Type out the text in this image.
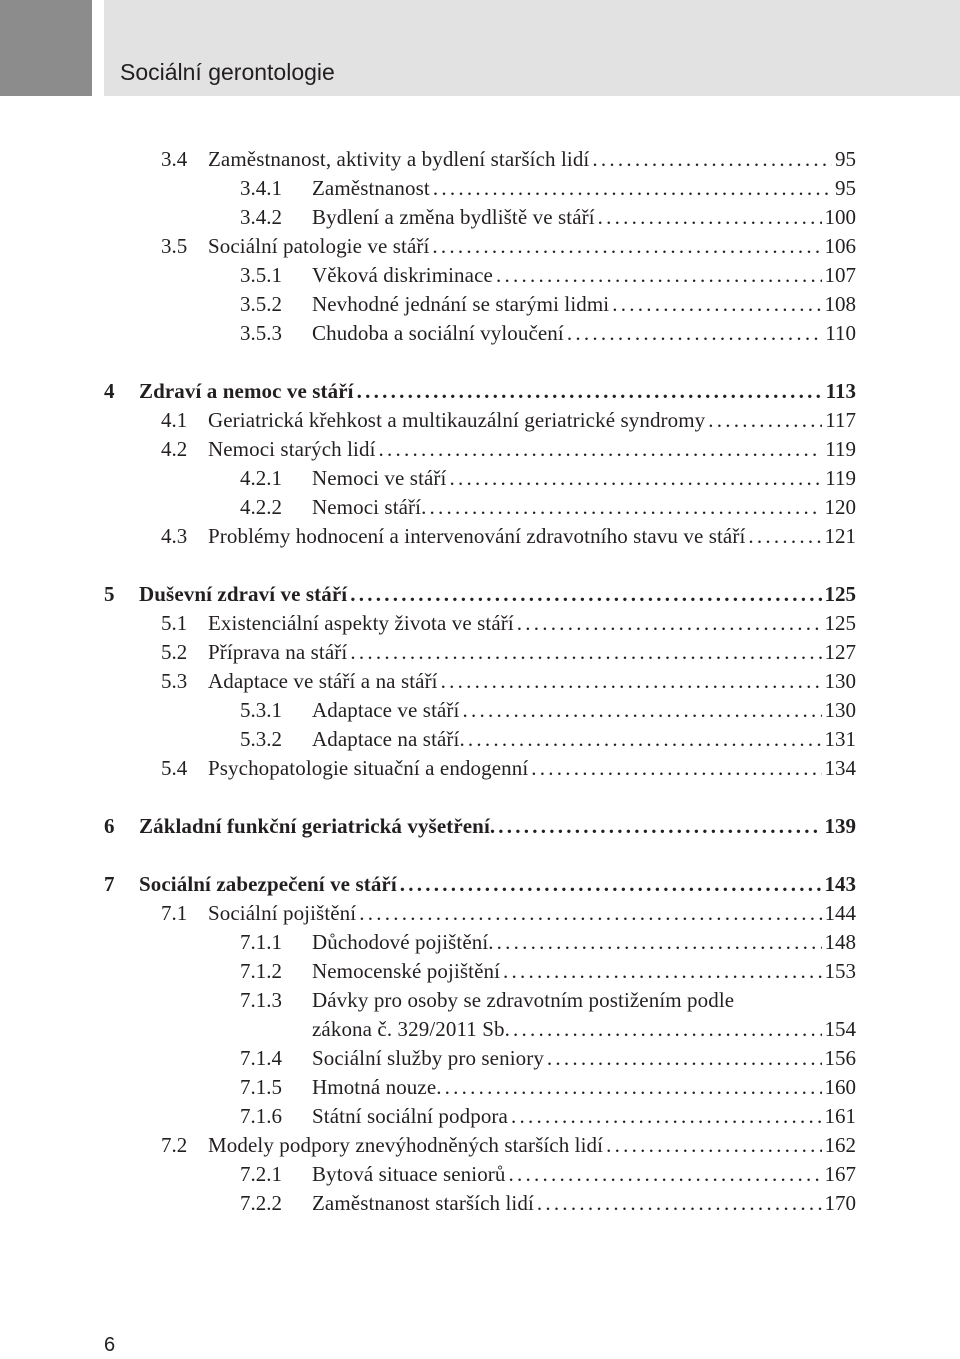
Sociální gerontologie
3.4 Zaměstnanost, aktivity a bydlení starších lidí . . .	95
3.4.1 Zaměstnanost . . .	95
3.4.2 Bydlení a změna bydliště ve stáří . . .	100
3.5 Sociální patologie ve stáří . . .	106
3.5.1 Věková diskriminace . . .	107
3.5.2 Nevhodné jednání se starými lidmi . . .	108
3.5.3 Chudoba a sociální vyloučení . . .	110
4 Zdraví a nemoc ve stáří . . .	113
4.1 Geriatrická křehkost a multikauzální geriatrické syndromy . . .	117
4.2 Nemoci starých lidí . . .	119
4.2.1 Nemoci ve stáří . . .	119
4.2.2 Nemoci stáří. . . .	120
4.3 Problémy hodnocení a intervenování zdravotního stavu ve stáří . . .	121
5 Duševní zdraví ve stáří . . .	125
5.1 Existenciální aspekty života ve stáří . . .	125
5.2 Příprava na stáří . . .	127
5.3 Adaptace ve stáří a na stáří . . .	130
5.3.1 Adaptace ve stáří . . .	130
5.3.2 Adaptace na stáří. . . .	131
5.4 Psychopatologie situační a endogenní . . .	134
6 Základní funkční geriatrická vyšetření. . . .	139
7 Sociální zabezpečení ve stáří . . .	143
7.1 Sociální pojištění . . .	144
7.1.1 Důchodové pojištění. . . .	148
7.1.2 Nemocenské pojištění . . .	153
7.1.3 Dávky pro osoby se zdravotním postižením podle
zákona č. 329/2011 Sb. . . .	154
7.1.4 Sociální služby pro seniory . . .	156
7.1.5 Hmotná nouze. . . .	160
7.1.6 Státní sociální podpora . . .	161
7.2 Modely podpory znevýhodněných starších lidí . . .	162
7.2.1 Bytová situace seniorů . . .	167
7.2.2 Zaměstnanost starších lidí . . .	170
6
